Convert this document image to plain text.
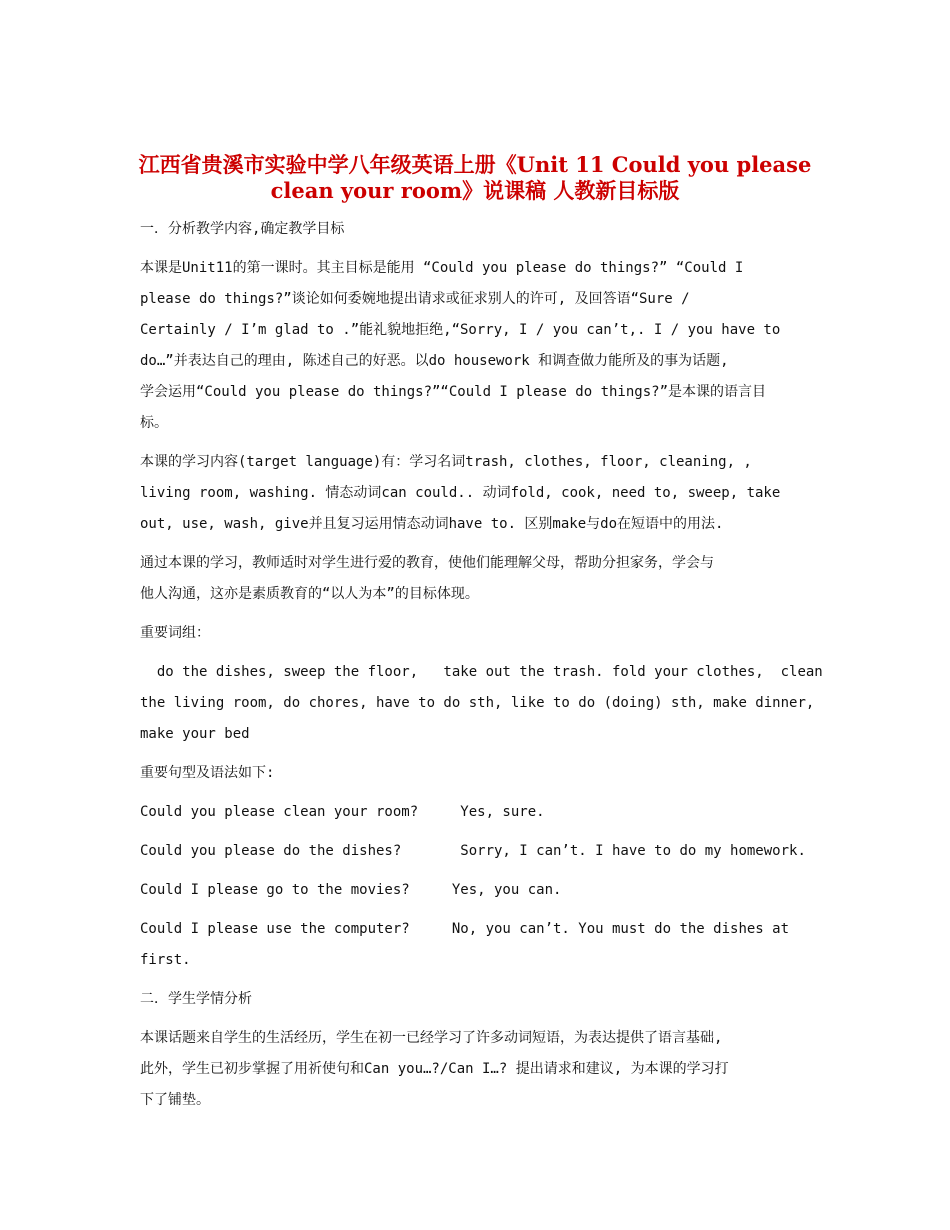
江西省贵溪市实验中学八年级英语上册《Unit 11 Could you please
clean your room》说课稿 人教新目标版
一．分析教学内容,确定教学目标
本课是Unit11的第一课时。其主目标是能用 “Could you please do things?” “Could I
please do things?”谈论如何委婉地提出请求或征求别人的许可, 及回答语“Sure /
Certainly / I’m glad to .”能礼貌地拒绝,“Sorry, I / you can’t,. I / you have to
do…”并表达自己的理由, 陈述自己的好恶。以do housework 和调查做力能所及的事为话题,
学会运用“Could you please do things?”“Could I please do things?”是本课的语言目
标。
本课的学习内容(target language)有：学习名词trash, clothes, floor, cleaning, ,
living room, washing. 情态动词can could.. 动词fold, cook, need to, sweep, take
out, use, wash, give并且复习运用情态动词have to. 区别make与do在短语中的用法.
通过本课的学习，教师适时对学生进行爱的教育，使他们能理解父母，帮助分担家务，学会与
他人沟通，这亦是素质教育的“以人为本”的目标体现。
重要词组：
do the dishes, sweep the floor,   take out the trash. fold your clothes,  clean
the living room, do chores, have to do sth, like to do (doing) sth, make dinner,
make your bed
重要句型及语法如下:
Could you please clean your room?     Yes, sure.
Could you please do the dishes?       Sorry, I can’t. I have to do my homework.
Could I please go to the movies?     Yes, you can.
Could I please use the computer?     No, you can’t. You must do the dishes at
first.
二．学生学情分析
本课话题来自学生的生活经历，学生在初一已经学习了许多动词短语，为表达提供了语言基础,
此外，学生已初步掌握了用祈使句和Can you…?/Can I…? 提出请求和建议, 为本课的学习打
下了铺垫。
